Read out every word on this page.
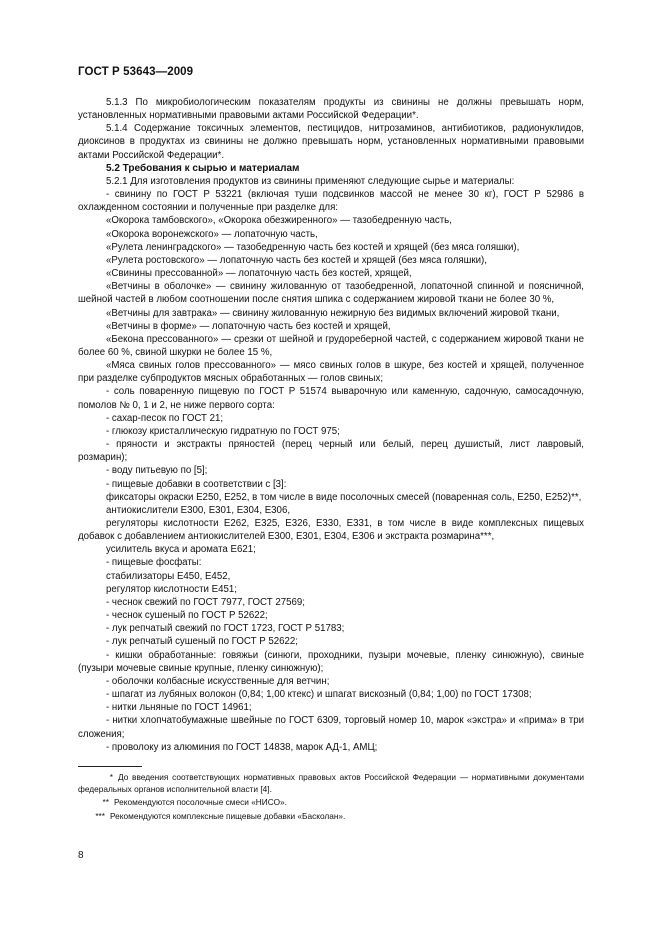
ГОСТ Р 53643—2009

5.1.3 По микробиологическим показателям продукты из свинины не должны превышать норм, установленных нормативными правовыми актами Российской Федерации*.

5.1.4 Содержание токсичных элементов, пестицидов, нитрозаминов, антибиотиков, радионуклидов, диоксинов в продуктах из свинины не должно превышать норм, установленных нормативными правовыми актами Российской Федерации*.

5.2 Требования к сырью и материалам

5.2.1 Для изготовления продуктов из свинины применяют следующие сырье и материалы:

- свинину по ГОСТ Р 53221 (включая туши подсвинков массой не менее 30 кг), ГОСТ Р 52986 в охлажденном состоянии и полученные при разделке для:

«Окорока тамбовского», «Окорока обезжиренного» — тазобедренную часть,

«Окорока воронежского» — лопаточную часть,

«Рулета ленинградского» — тазобедренную часть без костей и хрящей (без мяса голяшки),

«Рулета ростовского» — лопаточную часть без костей и хрящей (без мяса голяшки),

«Свинины прессованной» — лопаточную часть без костей, хрящей,

«Ветчины в оболочке» — свинину жилованную от тазобедренной, лопаточной спинной и поясничной, шейной частей в любом соотношении после снятия шпика с содержанием жировой ткани не более 30 %,

«Ветчины для завтрака» — свинину жилованную нежирную без видимых включений жировой ткани,

«Ветчины в форме» — лопаточную часть без костей и хрящей,

«Бекона прессованного» — срезки от шейной и грудореберной частей, с содержанием жировой ткани не более 60 %, свиной шкурки не более 15 %,

«Мяса свиных голов прессованного» — мясо свиных голов в шкуре, без костей и хрящей, полученное при разделке субпродуктов мясных обработанных — голов свиных;

- соль поваренную пищевую по ГОСТ Р 51574 выварочную или каменную, садочную, самосадочную, помолов № 0, 1 и 2, не ниже первого сорта:

- сахар-песок по ГОСТ 21;

- глюкозу кристаллическую гидратную по ГОСТ 975;

- пряности и экстракты пряностей (перец черный или белый, перец душистый, лист лавровый, розмарин);

- воду питьевую по [5];

- пищевые добавки в соответствии с [3]:

фиксаторы окраски Е250, Е252, в том числе в виде посолочных смесей (поваренная соль, Е250, Е252)**,

антиокислители Е300, Е301, Е304, Е306,

регуляторы кислотности Е262, Е325, Е326, Е330, Е331, в том числе в виде комплексных пищевых добавок с добавлением антиокислителей Е300, Е301, Е304, Е306 и экстракта розмарина***,

усилитель вкуса и аромата Е621;

- пищевые фосфаты:

стабилизаторы Е450, Е452,

регулятор кислотности Е451;

- чеснок свежий по ГОСТ 7977, ГОСТ 27569;

- чеснок сушеный по ГОСТ Р 52622;

- лук репчатый свежий по ГОСТ 1723, ГОСТ Р 51783;

- лук репчатый сушеный по ГОСТ Р 52622;

- кишки обработанные: говяжьи (синюги, проходники, пузыри мочевые, пленку синюжную), свиные (пузыри мочевые свиные крупные, пленку синюжную);

- оболочки колбасные искусственные для ветчин;

- шпагат из лубяных волокон (0,84; 1,00 ктекс) и шпагат вискозный (0,84; 1,00) по ГОСТ 17308;

- нитки льняные по ГОСТ 14961;

- нитки хлопчатобумажные швейные по ГОСТ 6309, торговый номер 10, марок «экстра» и «прима» в три сложения;

- проволоку из алюминия по ГОСТ 14838, марок АД-1, АМЦ;

* До введения соответствующих нормативных правовых актов Российской Федерации — нормативными документами федеральных органов исполнительной власти [4].

** Рекомендуются посолочные смеси «НИСО».

*** Рекомендуются комплексные пищевые добавки «Басколан».

8
